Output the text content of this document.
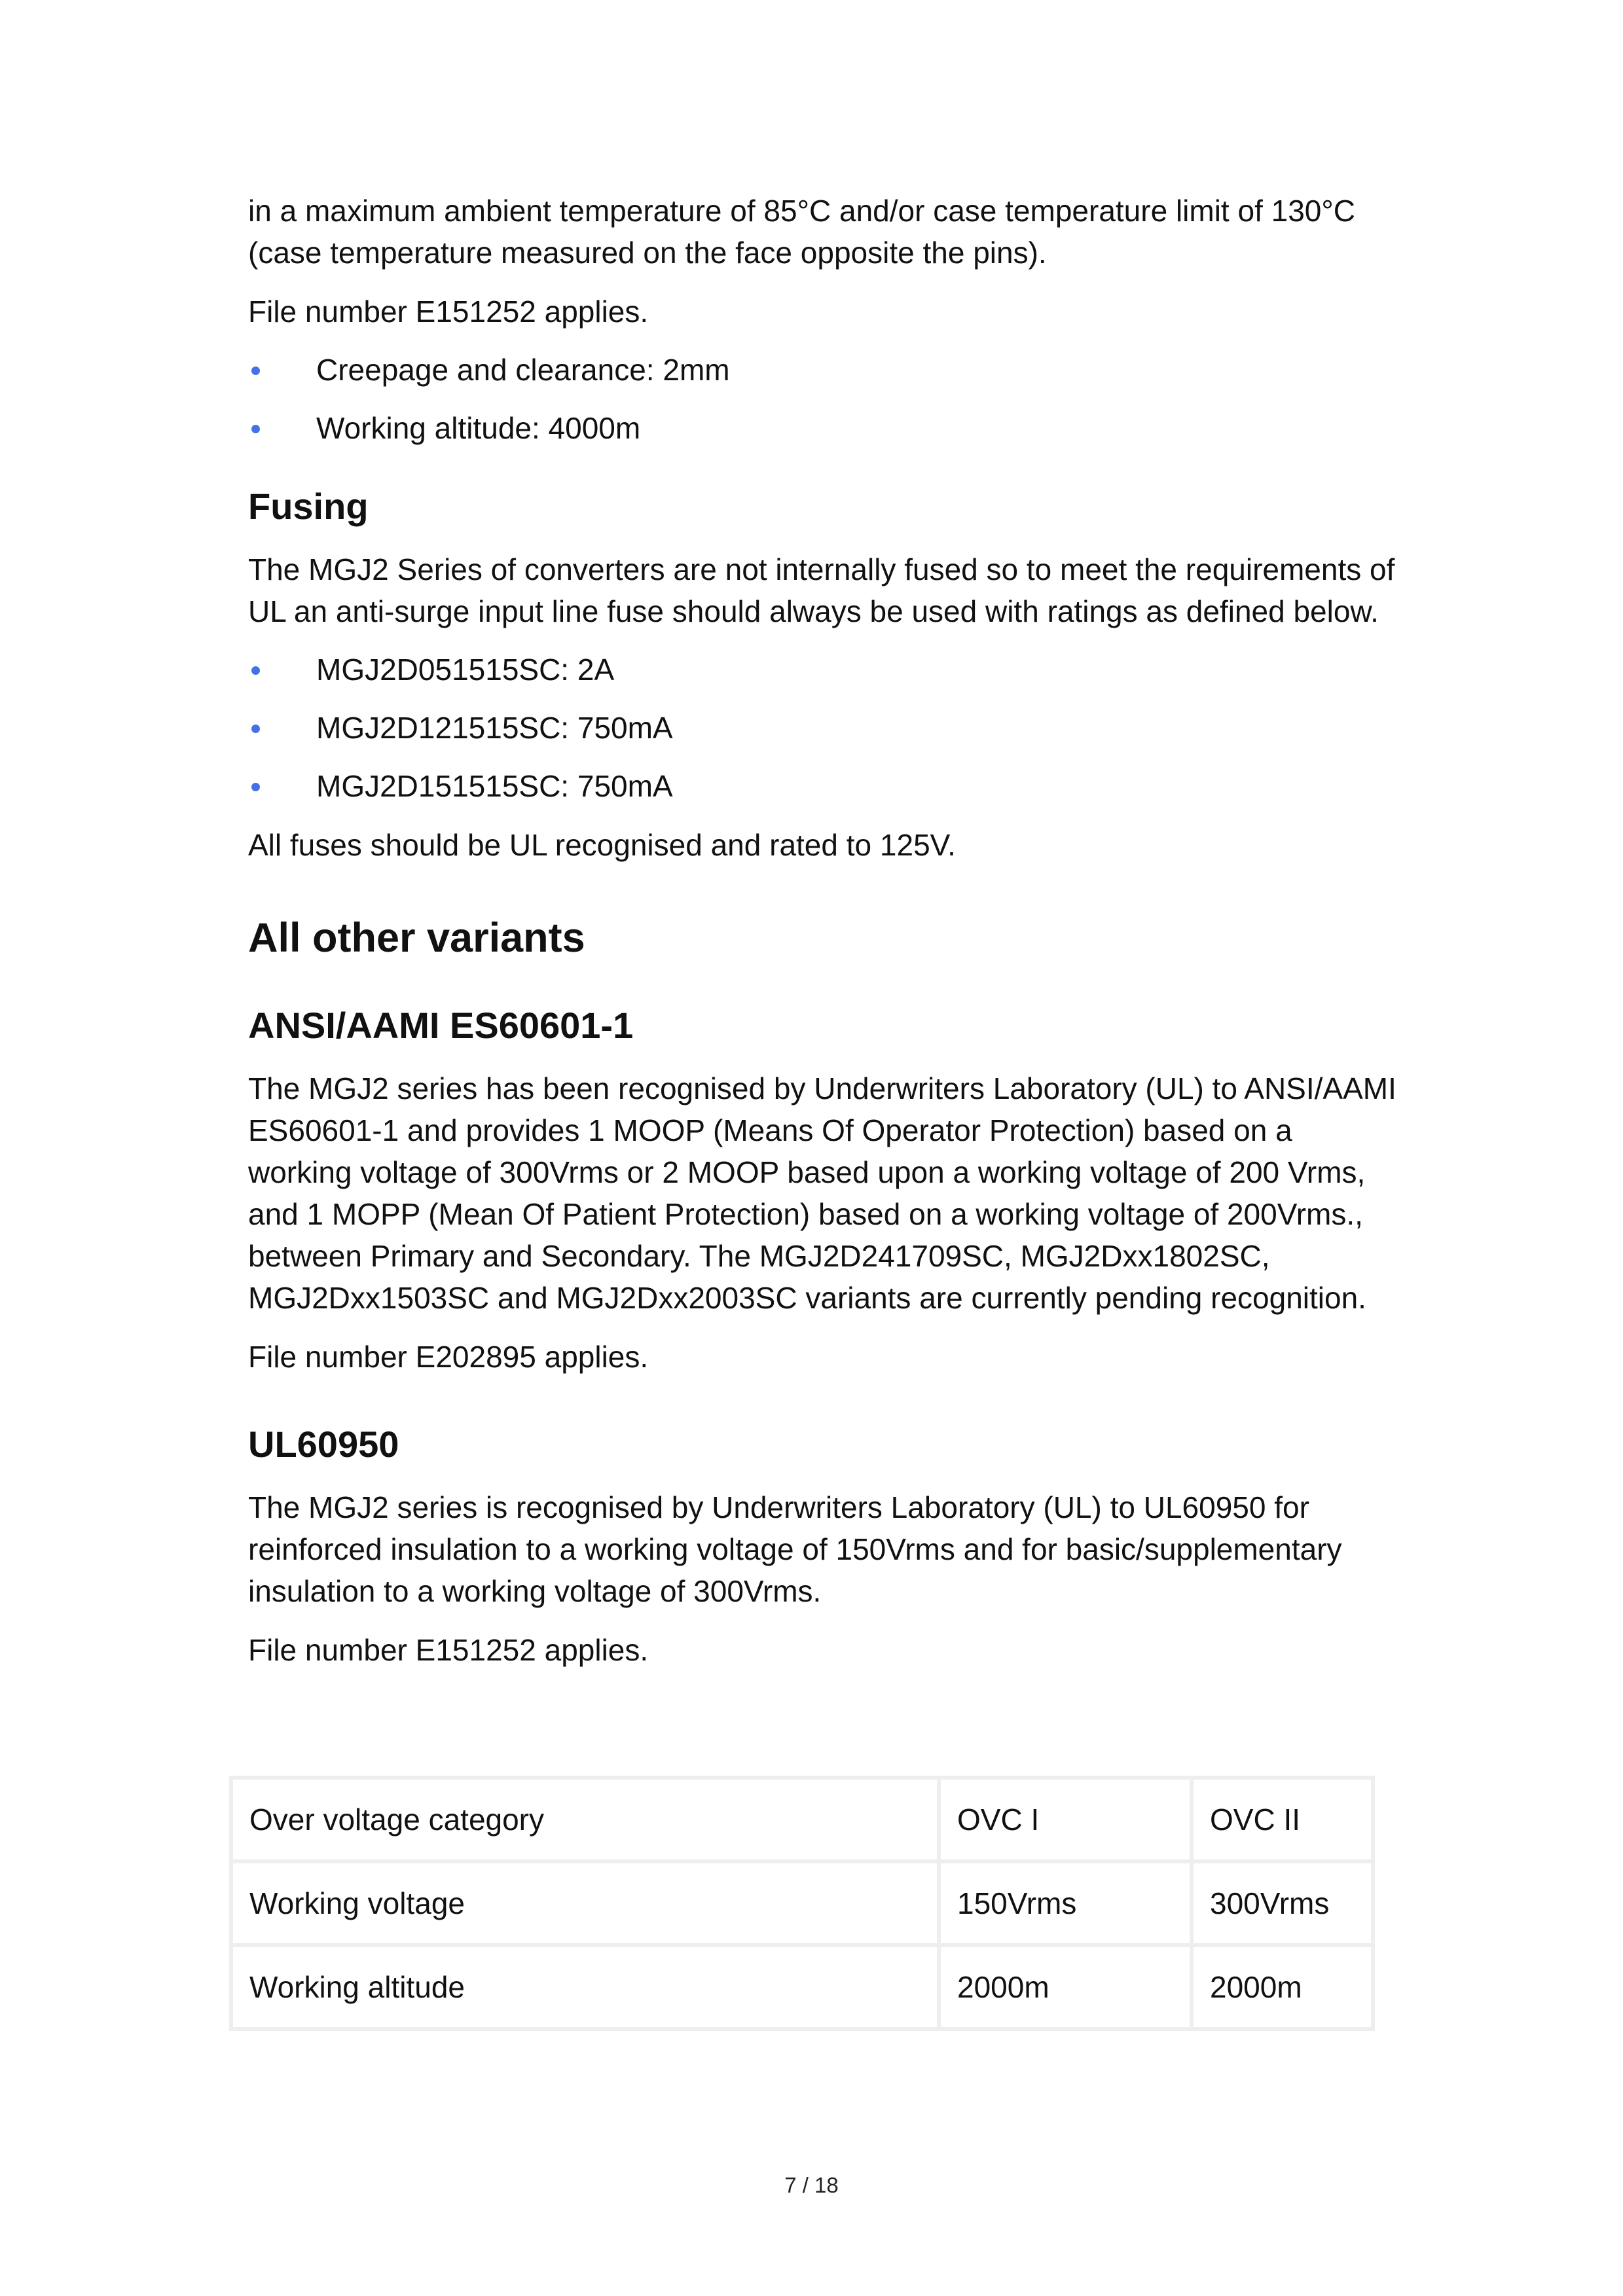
in a maximum ambient temperature of 85°C and/or case temperature limit of 130°C (case temperature measured on the face opposite the pins).

File number E151252 applies.

Creepage and clearance: 2mm
Working altitude: 4000m
Fusing

The MGJ2 Series of converters are not internally fused so to meet the requirements of UL an anti-surge input line fuse should always be used with ratings as defined below.

MGJ2D051515SC: 2A
MGJ2D121515SC: 750mA
MGJ2D151515SC: 750mA

All fuses should be UL recognised and rated to 125V.

All other variants
ANSI/AAMI ES60601-1

The MGJ2 series has been recognised by Underwriters Laboratory (UL) to ANSI/AAMI ES60601-1 and provides 1 MOOP (Means Of Operator Protection) based on a working voltage of 300Vrms or 2 MOOP based upon a working voltage of 200 Vrms, and 1 MOPP (Mean Of Patient Protection) based on a working voltage of 200Vrms., between Primary and Secondary. The MGJ2D241709SC, MGJ2Dxx1802SC, MGJ2Dxx1503SC and MGJ2Dxx2003SC variants are currently pending recognition.

File number E202895 applies.

UL60950

The MGJ2 series is recognised by Underwriters Laboratory (UL) to UL60950 for reinforced insulation to a working voltage of 150Vrms and for basic/supplementary insulation to a working voltage of 300Vrms.

File number E151252 applies.

Over voltage category	OVC I	OVC II
Working voltage	150Vrms	300Vrms
Working altitude	2000m	2000m
7 / 18
